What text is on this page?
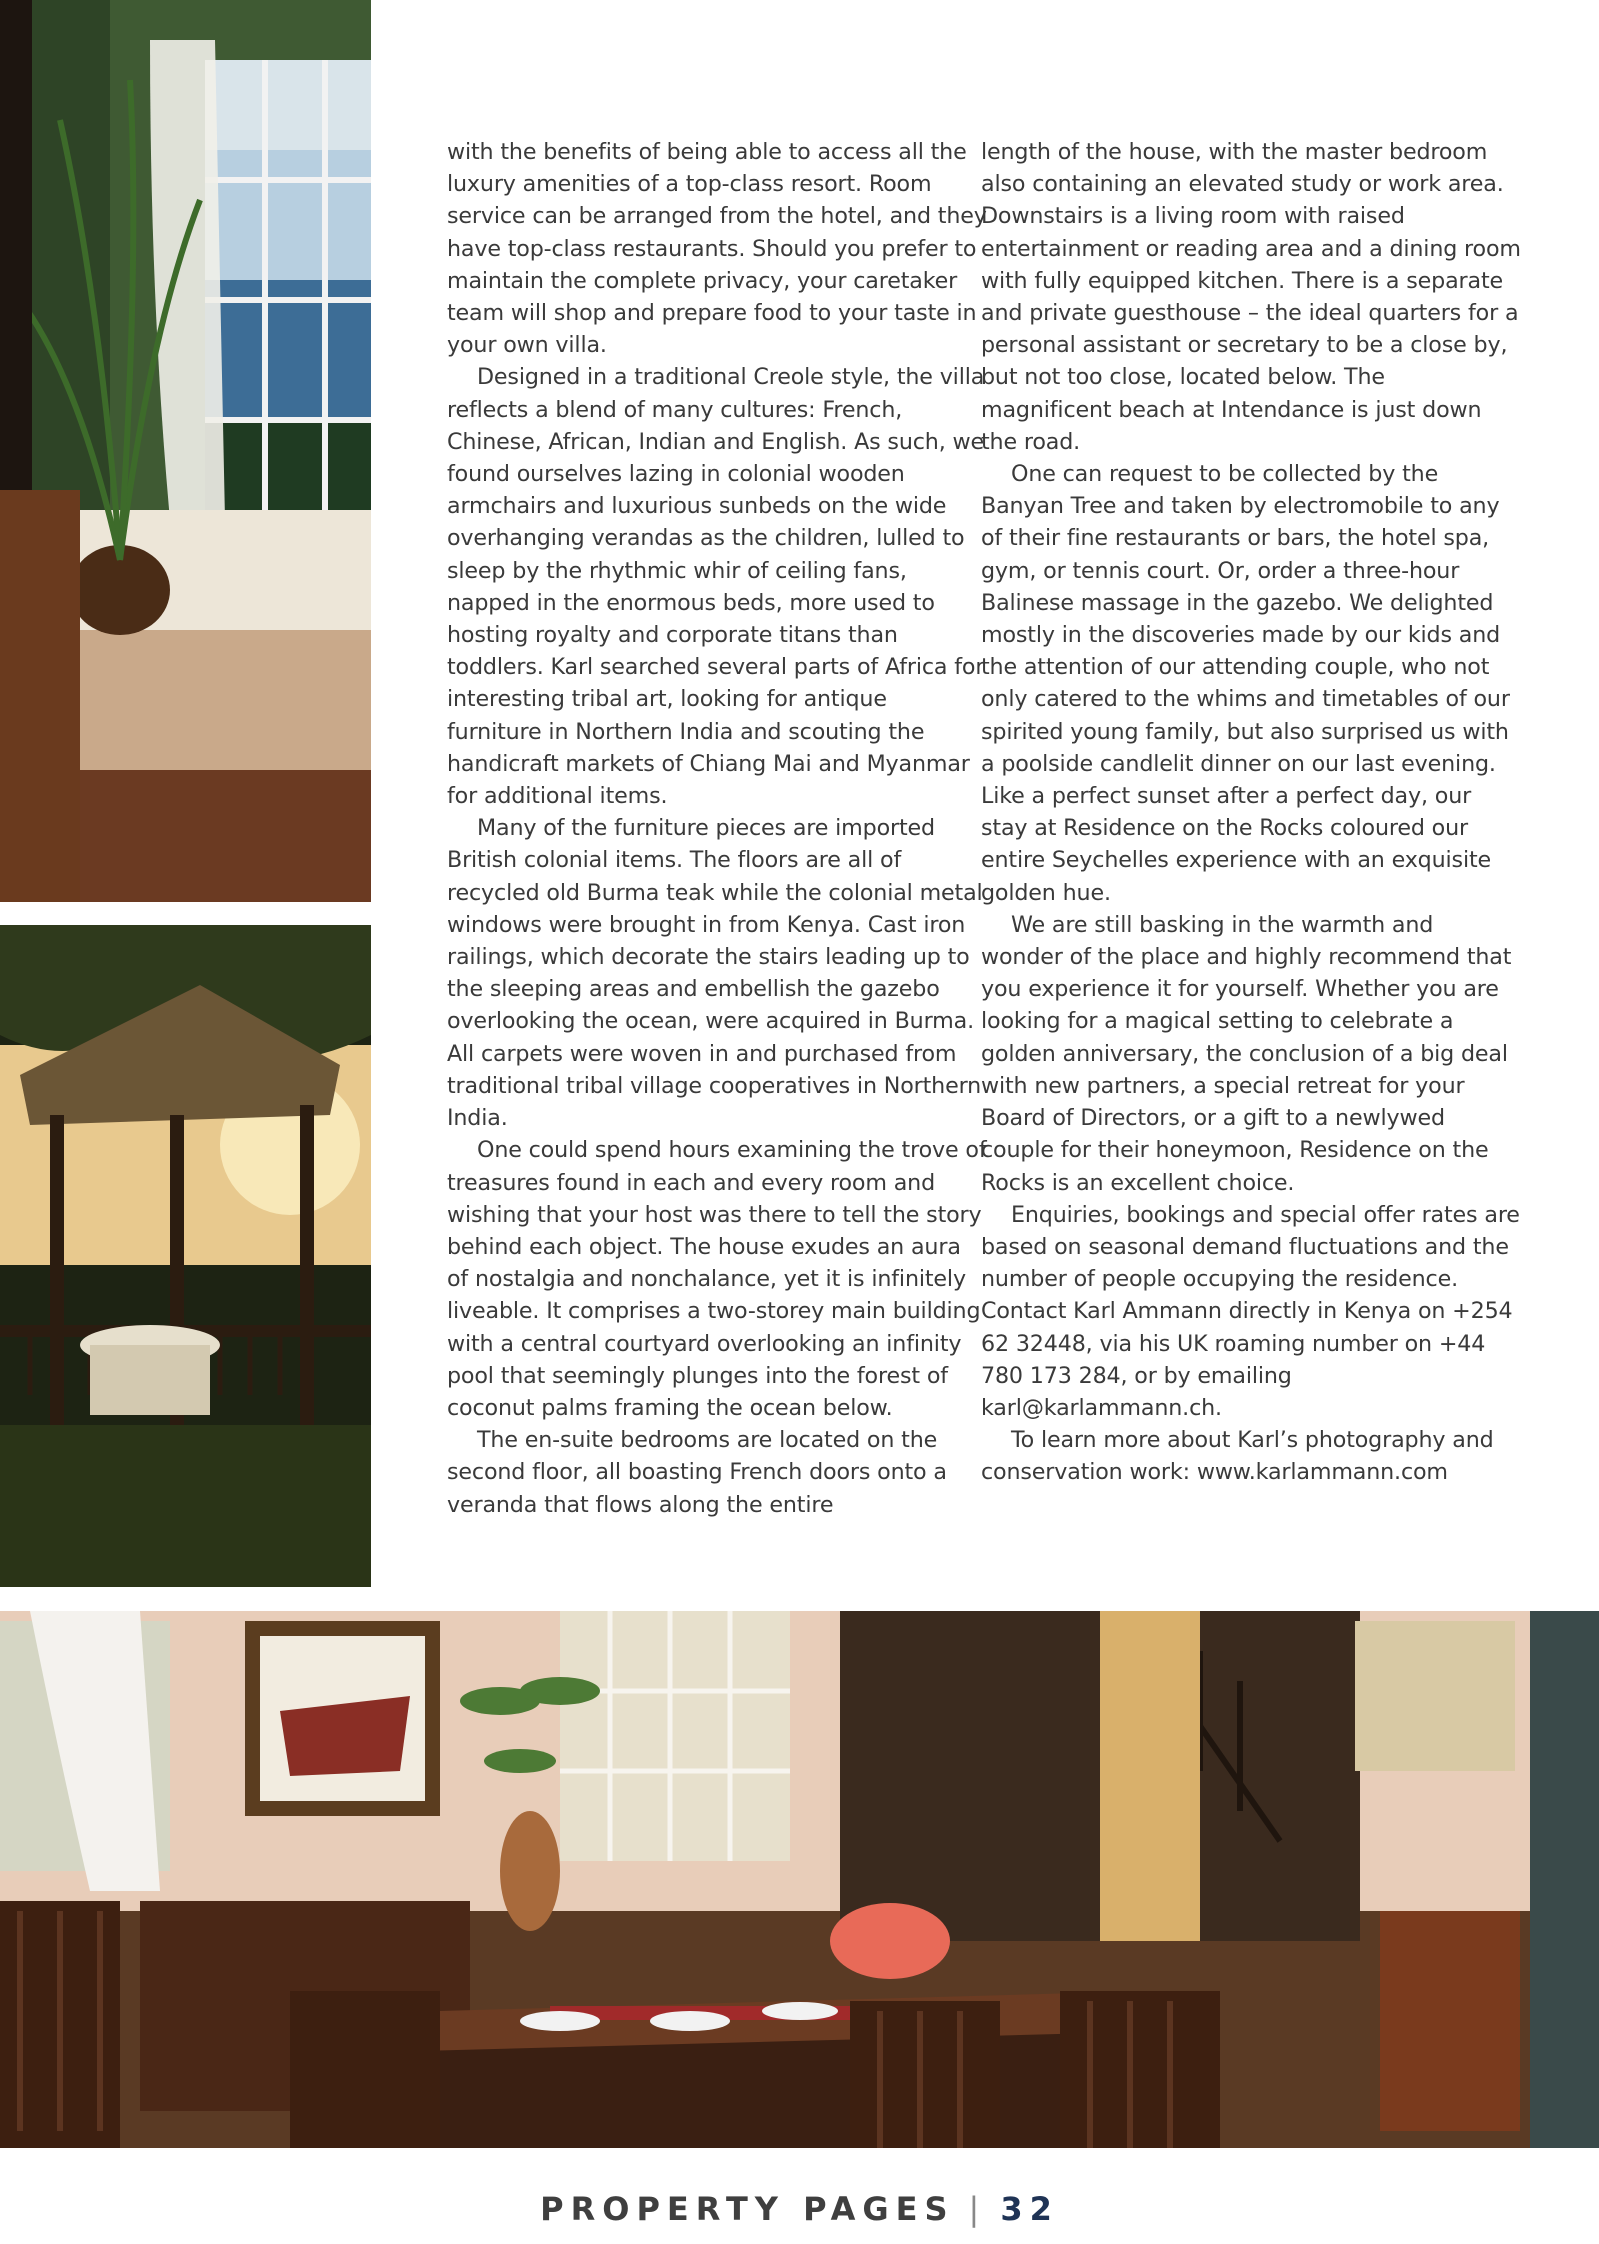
with the benefits of being able to access all the luxury amenities of a top-class resort. Room service can be arranged from the hotel, and they have top-class restaurants. Should you prefer to maintain the complete privacy, your caretaker team will shop and prepare food to your taste in your own villa.

Designed in a traditional Creole style, the villa reflects a blend of many cultures: French, Chinese, African, Indian and English. As such, we found ourselves lazing in colonial wooden armchairs and luxurious sunbeds on the wide overhanging verandas as the children, lulled to sleep by the rhythmic whir of ceiling fans, napped in the enormous beds, more used to hosting royalty and corporate titans than toddlers. Karl searched several parts of Africa for interesting tribal art, looking for antique furniture in Northern India and scouting the handicraft markets of Chiang Mai and Myanmar for additional items.

Many of the furniture pieces are imported British colonial items. The floors are all of recycled old Burma teak while the colonial metal windows were brought in from Kenya. Cast iron railings, which decorate the stairs leading up to the sleeping areas and embellish the gazebo overlooking the ocean, were acquired in Burma. All carpets were woven in and purchased from traditional tribal village cooperatives in Northern India.

One could spend hours examining the trove of treasures found in each and every room and wishing that your host was there to tell the story behind each object. The house exudes an aura of nostalgia and nonchalance, yet it is infinitely liveable. It comprises a two-storey main building with a central courtyard overlooking an infinity pool that seemingly plunges into the forest of coconut palms framing the ocean below.

The en-suite bedrooms are located on the second floor, all boasting French doors onto a veranda that flows along the entire

length of the house, with the master bedroom also containing an elevated study or work area. Downstairs is a living room with raised entertainment or reading area and a dining room with fully equipped kitchen. There is a separate and private guesthouse – the ideal quarters for a personal assistant or secretary to be a close by, but not too close, located below. The magnificent beach at Intendance is just down the road.

One can request to be collected by the Banyan Tree and taken by electromobile to any of their fine restaurants or bars, the hotel spa, gym, or tennis court. Or, order a three-hour Balinese massage in the gazebo. We delighted mostly in the discoveries made by our kids and the attention of our attending couple, who not only catered to the whims and timetables of our spirited young family, but also surprised us with a poolside candlelit dinner on our last evening. Like a perfect sunset after a perfect day, our stay at Residence on the Rocks coloured our entire Seychelles experience with an exquisite golden hue.

We are still basking in the warmth and wonder of the place and highly recommend that you experience it for yourself. Whether you are looking for a magical setting to celebrate a golden anniversary, the conclusion of a big deal with new partners, a special retreat for your Board of Directors, or a gift to a newlywed couple for their honeymoon, Residence on the Rocks is an excellent choice.

Enquiries, bookings and special offer rates are based on seasonal demand fluctuations and the number of people occupying the residence. Contact Karl Ammann directly in Kenya on +254 62 32448, via his UK roaming number on +44 780 173 284, or by emailing karl@karlammann.ch.

To learn more about Karl’s photography and conservation work: www.karlammann.com

PROPERTY PAGES | 32
